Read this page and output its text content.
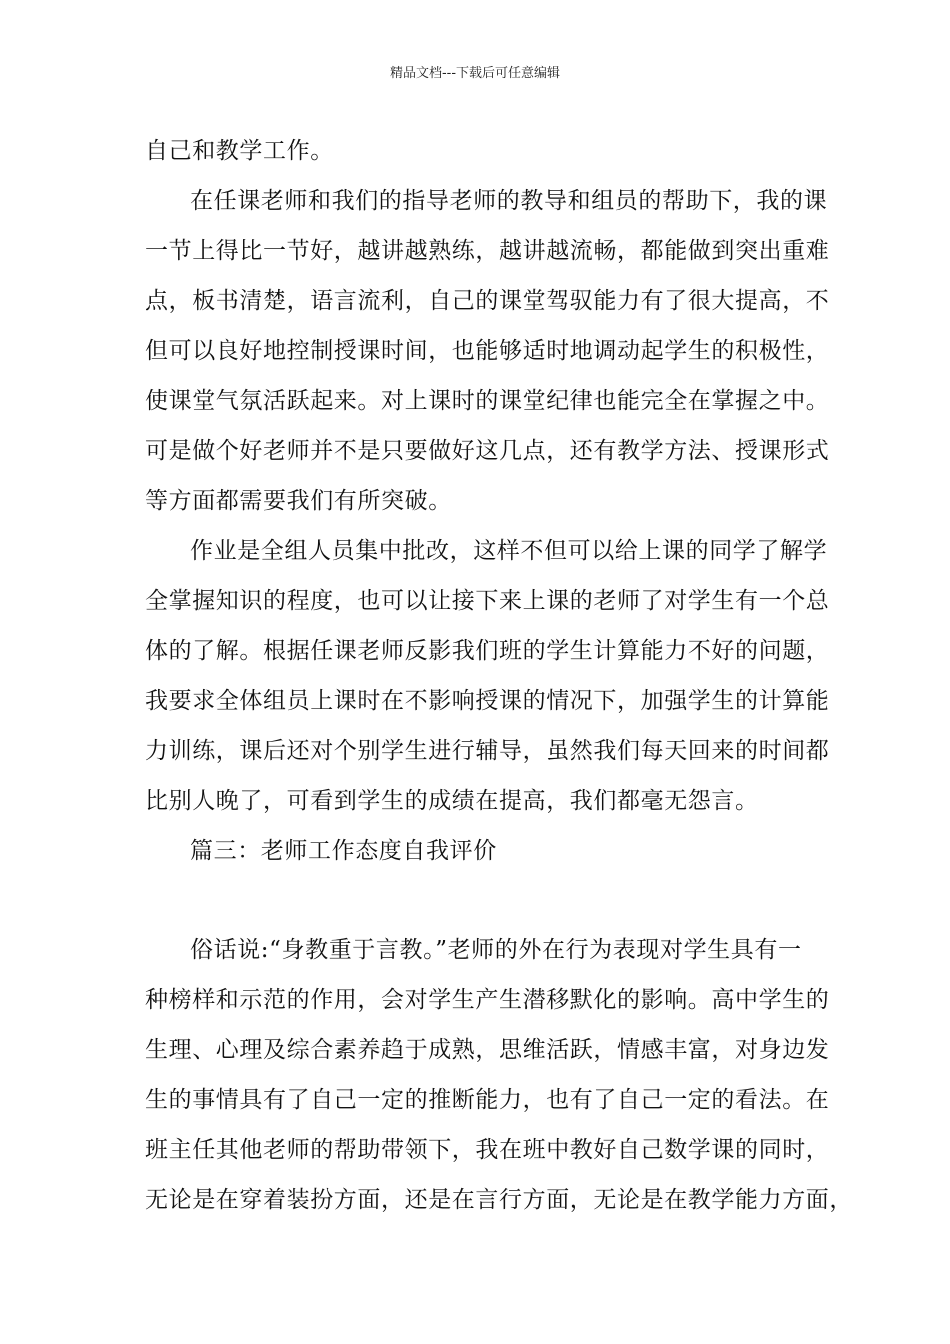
精品文档---下载后可任意编辑
自己和教学工作。
在任课老师和我们的指导老师的教导和组员的帮助下，我的课
一节上得比一节好，越讲越熟练，越讲越流畅，都能做到突出重难
点，板书清楚，语言流利，自己的课堂驾驭能力有了很大提高，不
但可以良好地控制授课时间，也能够适时地调动起学生的积极性，
使课堂气氛活跃起来。对上课时的课堂纪律也能完全在掌握之中。
可是做个好老师并不是只要做好这几点，还有教学方法、授课形式
等方面都需要我们有所突破。
作业是全组人员集中批改，这样不但可以给上课的同学了解学
全掌握知识的程度，也可以让接下来上课的老师了对学生有一个总
体的了解。根据任课老师反影我们班的学生计算能力不好的问题，
我要求全体组员上课时在不影响授课的情况下，加强学生的计算能
力训练，课后还对个别学生进行辅导，虽然我们每天回来的时间都
比别人晚了，可看到学生的成绩在提高，我们都毫无怨言。
篇三：老师工作态度自我评价
俗话说:“身教重于言教。”老师的外在行为表现对学生具有一
种榜样和示范的作用，会对学生产生潜移默化的影响。高中学生的
生理、心理及综合素养趋于成熟，思维活跃，情感丰富，对身边发
生的事情具有了自己一定的推断能力，也有了自己一定的看法。在
班主任其他老师的帮助带领下，我在班中教好自己数学课的同时，
无论是在穿着装扮方面，还是在言行方面，无论是在教学能力方面，
